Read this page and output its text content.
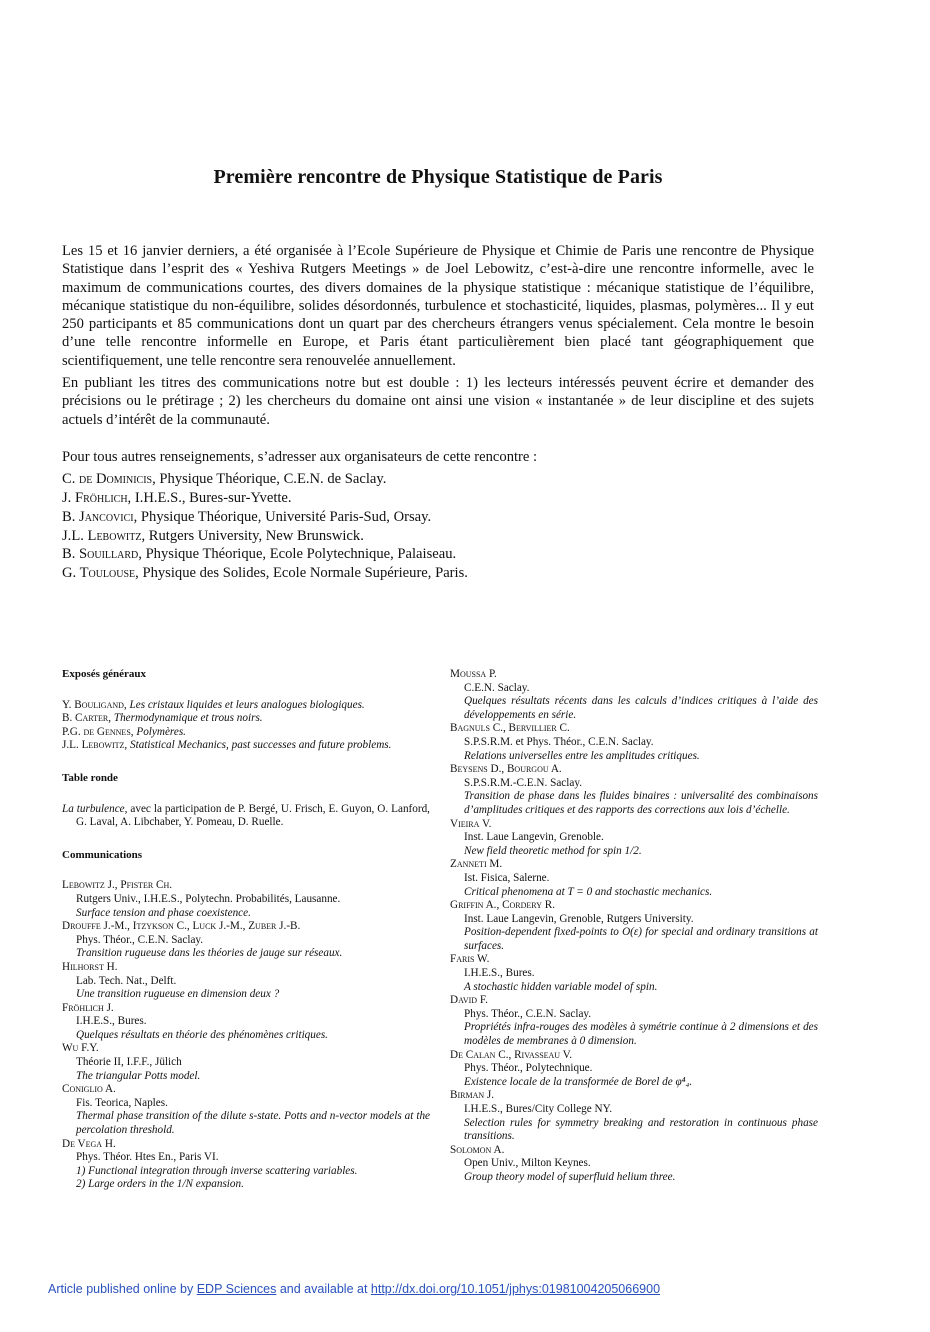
Première rencontre de Physique Statistique de Paris

Les 15 et 16 janvier derniers, a été organisée à l’Ecole Supérieure de Physique et Chimie de Paris une rencontre de Physique Statistique dans l’esprit des « Yeshiva Rutgers Meetings » de Joel Lebowitz, c’est-à-dire une rencontre informelle, avec le maximum de communications courtes, des divers domaines de la physique statistique : mécanique statistique de l’équilibre, mécanique statistique du non-équilibre, solides désordonnés, turbulence et stochasticité, liquides, plasmas, polymères... Il y eut 250 participants et 85 communications dont un quart par des chercheurs étrangers venus spécialement. Cela montre le besoin d’une telle rencontre informelle en Europe, et Paris étant particulièrement bien placé tant géographiquement que scientifiquement, une telle rencontre sera renouvelée annuellement.

En publiant les titres des communications notre but est double : 1) les lecteurs intéressés peuvent écrire et demander des précisions ou le prétirage ; 2) les chercheurs du domaine ont ainsi une vision « instantanée » de leur discipline et des sujets actuels d’intérêt de la communauté.

Pour tous autres renseignements, s’adresser aux organisateurs de cette rencontre :

C. de Dominicis, Physique Théorique, C.E.N. de Saclay.
J. Fröhlich, I.H.E.S., Bures-sur-Yvette.
B. Jancovici, Physique Théorique, Université Paris-Sud, Orsay.
J.L. Lebowitz, Rutgers University, New Brunswick.
B. Souillard, Physique Théorique, Ecole Polytechnique, Palaiseau.
G. Toulouse, Physique des Solides, Ecole Normale Supérieure, Paris.
Exposés généraux
Y. Bouligand, Les cristaux liquides et leurs analogues biologiques.
B. Carter, Thermodynamique et trous noirs.
P.G. de Gennes, Polymères.
J.L. Lebowitz, Statistical Mechanics, past successes and future problems.
Table ronde
La turbulence, avec la participation de P. Bergé, U. Frisch, E. Guyon, O. Lanford, G. Laval, A. Libchaber, Y. Pomeau, D. Ruelle.
Communications
Lebowitz J., Pfister Ch.
Rutgers Univ., I.H.E.S., Polytechn. Probabilités, Lausanne.
Surface tension and phase coexistence.
Drouffe J.-M., Itzykson C., Luck J.-M., Zuber J.-B.
Phys. Théor., C.E.N. Saclay.
Transition rugueuse dans les théories de jauge sur réseaux.
Hilhorst H.
Lab. Tech. Nat., Delft.
Une transition rugueuse en dimension deux ?
Fröhlich J.
I.H.E.S., Bures.
Quelques résultats en théorie des phénomènes critiques.
Wu F.Y.
Théorie II, I.F.F., Jülich
The triangular Potts model.
Coniglio A.
Fis. Teorica, Naples.
Thermal phase transition of the dilute s-state. Potts and n-vector models at the percolation threshold.
De Vega H.
Phys. Théor. Htes En., Paris VI.
1) Functional integration through inverse scattering variables.
2) Large orders in the 1/N expansion.
Moussa P.
C.E.N. Saclay.
Quelques résultats récents dans les calculs d’indices critiques à l’aide des développements en série.
Bagnuls C., Bervillier C.
S.P.S.R.M. et Phys. Théor., C.E.N. Saclay.
Relations universelles entre les amplitudes critiques.
Beysens D., Bourgou A.
S.P.S.R.M.-C.E.N. Saclay.
Transition de phase dans les fluides binaires : universalité des combinaisons d’amplitudes critiques et des rapports des corrections aux lois d’échelle.
Vieira V.
Inst. Laue Langevin, Grenoble.
New field theoretic method for spin 1/2.
Zanneti M.
Ist. Fisica, Salerne.
Critical phenomena at T = 0 and stochastic mechanics.
Griffin A., Cordery R.
Inst. Laue Langevin, Grenoble, Rutgers University.
Position-dependent fixed-points to O(ε) for special and ordinary transitions at surfaces.
Faris W.
I.H.E.S., Bures.
A stochastic hidden variable model of spin.
David F.
Phys. Théor., C.E.N. Saclay.
Propriétés infra-rouges des modèles à symétrie continue à 2 dimensions et des modèles de membranes à 0 dimension.
De Calan C., Rivasseau V.
Phys. Théor., Polytechnique.
Existence locale de la transformée de Borel de φ⁴₄.
Birman J.
I.H.E.S., Bures/City College NY.
Selection rules for symmetry breaking and restoration in continuous phase transitions.
Solomon A.
Open Univ., Milton Keynes.
Group theory model of superfluid helium three.
Article published online by EDP Sciences and available at http://dx.doi.org/10.1051/jphys:01981004205066900
